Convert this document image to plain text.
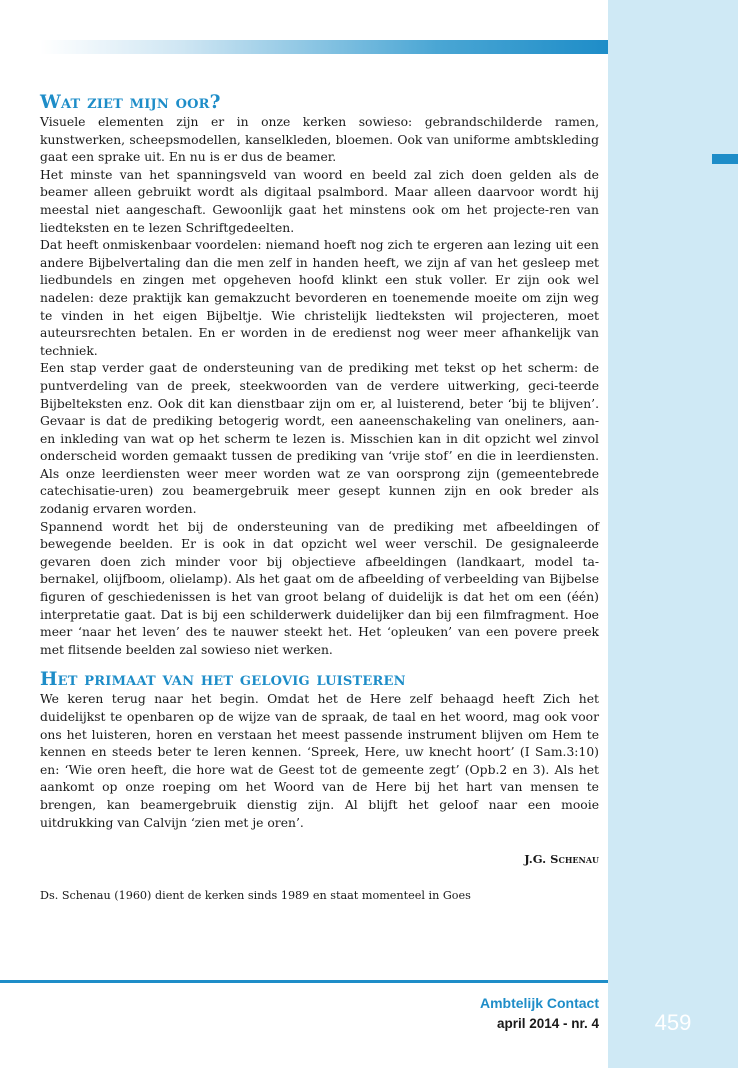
Wat ziet mijn oor?

Visuele elementen zijn er in onze kerken sowieso: gebrandschilderde ramen, kunstwerken, scheepsmodellen, kanselkleden, bloemen. Ook van uniforme ambtskleding gaat een sprake uit. En nu is er dus de beamer.

Het minste van het spanningsveld van woord en beeld zal zich doen gelden als de beamer alleen gebruikt wordt als digitaal psalmbord. Maar alleen daarvoor wordt hij meestal niet aangeschaft. Gewoonlijk gaat het minstens ook om het projecte-ren van liedteksten en te lezen Schriftgedeelten.

Dat heeft onmiskenbaar voordelen: niemand hoeft nog zich te ergeren aan lezing uit een andere Bijbelvertaling dan die men zelf in handen heeft, we zijn af van het gesleep met liedbundels en zingen met opgeheven hoofd klinkt een stuk voller. Er zijn ook wel nadelen: deze praktijk kan gemakzucht bevorderen en toenemende moeite om zijn weg te vinden in het eigen Bijbeltje. Wie christelijk liedteksten wil projecteren, moet auteursrechten betalen. En er worden in de eredienst nog weer meer afhankelijk van techniek.

Een stap verder gaat de ondersteuning van de prediking met tekst op het scherm: de puntverdeling van de preek, steekwoorden van de verdere uitwerking, geci-teerde Bijbelteksten enz. Ook dit kan dienstbaar zijn om er, al luisterend, beter ‘bij te blijven’. Gevaar is dat de prediking betogerig wordt, een aaneenschakeling van oneliners, aan- en inkleding van wat op het scherm te lezen is. Misschien kan in dit opzicht wel zinvol onderscheid worden gemaakt tussen de prediking van ‘vrije stof’ en die in leerdiensten. Als onze leerdiensten weer meer worden wat ze van oorsprong zijn (gemeentebrede catechisatie-uren) zou beamergebruik meer gesept kunnen zijn en ook breder als zodanig ervaren worden.

Spannend wordt het bij de ondersteuning van de prediking met afbeeldingen of bewegende beelden. Er is ook in dat opzicht wel weer verschil. De gesignaleerde gevaren doen zich minder voor bij objectieve afbeeldingen (landkaart, model ta-bernakel, olijfboom, olielamp). Als het gaat om de afbeelding of verbeelding van Bijbelse figuren of geschiedenissen is het van groot belang of duidelijk is dat het om een (één) interpretatie gaat. Dat is bij een schilderwerk duidelijker dan bij een filmfragment. Hoe meer ‘naar het leven’ des te nauwer steekt het. Het ‘opleuken’ van een povere preek met flitsende beelden zal sowieso niet werken.

Het primaat van het gelovig luisteren

We keren terug naar het begin. Omdat het de Here zelf behaagd heeft Zich het duidelijkst te openbaren op de wijze van de spraak, de taal en het woord, mag ook voor ons het luisteren, horen en verstaan het meest passende instrument blijven om Hem te kennen en steeds beter te leren kennen. ‘Spreek, Here, uw knecht hoort’ (I Sam.3:10) en: ‘Wie oren heeft, die hore wat de Geest tot de gemeente zegt’ (Opb.2 en 3). Als het aankomt op onze roeping om het Woord van de Here bij het hart van mensen te brengen, kan beamergebruik dienstig zijn. Al blijft het geloof naar een mooie uitdrukking van Calvijn ‘zien met je oren’.

J.G. Schenau
Ds. Schenau (1960) dient de kerken sinds 1989 en staat momenteel in Goes
Ambtelijk Contact
april 2014 - nr. 4	459
